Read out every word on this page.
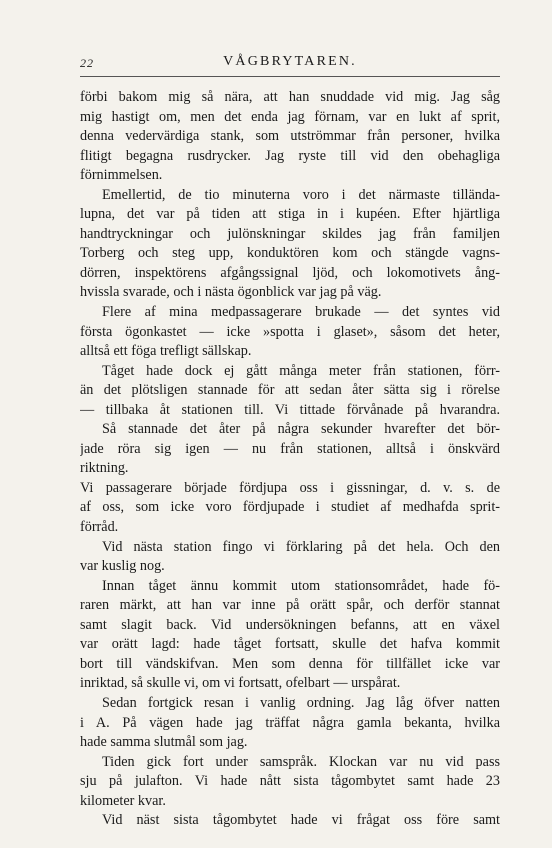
22	VÅGBRYTAREN.
förbi bakom mig så nära, att han snuddade vid mig. Jag såg
mig hastigt om, men det enda jag förnam, var en lukt af sprit,
denna vedervärdiga stank, som utströmmar från personer, hvilka
flitigt begagna rusdrycker. Jag ryste till vid den obehagliga
förnimmelsen.
Emellertid, de tio minuterna voro i det närmaste tillända-
lupna, det var på tiden att stiga in i kupéen. Efter hjärtliga
handtryckningar och julönskningar skildes jag från familjen
Torberg och steg upp, konduktören kom och stängde vagns-
dörren, inspektörens afgångssignal ljöd, och lokomotivets ång-
hvissla svarade, och i nästa ögonblick var jag på väg.
Flere af mina medpassagerare brukade — det syntes vid
första ögonkastet — icke »spotta i glaset», såsom det heter,
alltså ett föga trefligt sällskap.
Tåget hade dock ej gått många meter från stationen, förr-
än det plötsligen stannade för att sedan åter sätta sig i rörelse
— tillbaka åt stationen till. Vi tittade förvånade på hvarandra.
Så stannade det åter på några sekunder hvarefter det bör-
jade röra sig igen — nu från stationen, alltså i önskvärd
riktning.
Vi passagerare började fördjupa oss i gissningar, d. v. s. de
af oss, som icke voro fördjupade i studiet af medhafda sprit-
förråd.
Vid nästa station fingo vi förklaring på det hela. Och den
var kuslig nog.
Innan tåget ännu kommit utom stationsområdet, hade fö-
raren märkt, att han var inne på orätt spår, och derför stannat
samt slagit back. Vid undersökningen befanns, att en växel
var orätt lagd: hade tåget fortsatt, skulle det hafva kommit
bort till vändskifvan. Men som denna för tillfället icke var
inriktad, så skulle vi, om vi fortsatt, ofelbart — urspårat.
Sedan fortgick resan i vanlig ordning. Jag låg öfver natten
i A. På vägen hade jag träffat några gamla bekanta, hvilka
hade samma slutmål som jag.
Tiden gick fort under samspråk. Klockan var nu vid pass
sju på julafton. Vi hade nått sista tågombytet samt hade 23
kilometer kvar.
Vid näst sista tågombytet hade vi frågat oss före samt
